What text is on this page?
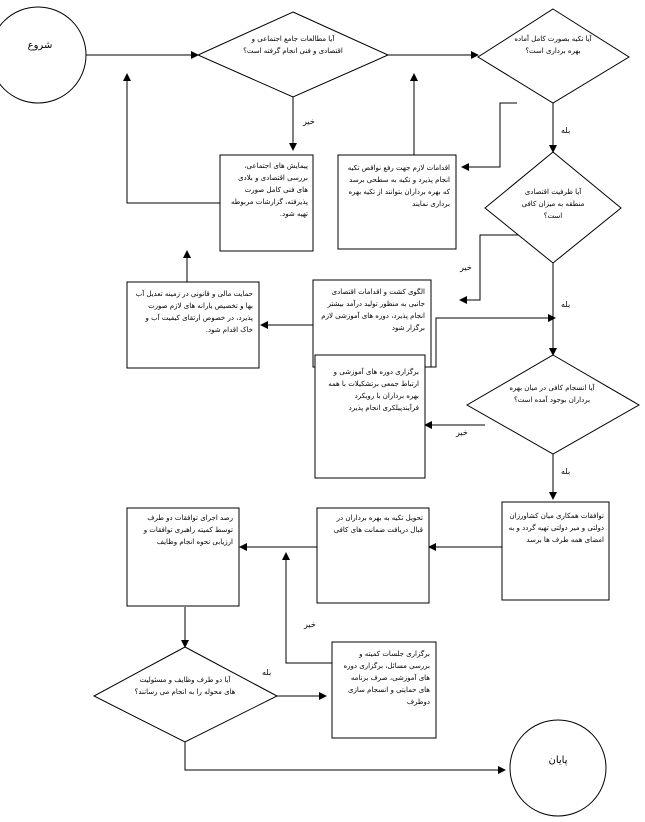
شروع
پایان
آیا مطالعات جامع اجتماعی و اقتصادی و فنی انجام گرفته است؟
آیا تکیه بصورت کامل آماده بهره برداری است؟
آیا ظرفیت اقتصادی منطقه به میزان کافی است؟
آیا انسجام کافی در میان بهره برداران بوجود آمده است؟
آیا دو طرف وظایف و مسئولیت های محوله را به انجام می رسانند؟
پیمایش های اجتماعی، بررسی اقتصادی و بلادی های فنی کامل صورت پذیرفته، گزارشات مربوطه تهیه شود.
اقدامات لازم جهت رفع نواقص تکیه انجام پذیرد و تکیه به سطحی برسد که بهره برداران بتوانند از تکیه بهره برداری نمایند
حمایت مالی و قانونی در زمینه تعدیل آب بها و تخصیص یارانه های لازم صورت پذیرد، در خصوص ارتقای کیفیت آب و خاک اقدام شود.
الگوی کشت و اقدامات اقتصادی جانبی به منظور تولید درآمد بیشتر انجام پذیرد، دوره های آموزشی لازم برگزار شود
برگزاری دوره های آموزشی و ارتباط جمعی برتشکیلات با همه بهره برداران با رویکرد فرآیندپیلکری انجام پذیرد
توافقات همکاری میان کشاورزان دولتی و میر دولتی تهیه گردد و به امضای همه طرف ها برسد
تحویل تکیه به بهره برداران در قبال دریافت ضمانت های کافی
رصد اجرای توافقات دو طرف توسط کمیته راهبری توافقات و ارزیابی نحوه انجام وظایف
برگزاری جلسات کمیته و بررسی مسائل، برگزاری دوره های آموزشی، صرف برنامه های حمایتی و انسجام سازی دوطرف
خیر
بله
خیر
بله
خیر
بله
خیر
بله
